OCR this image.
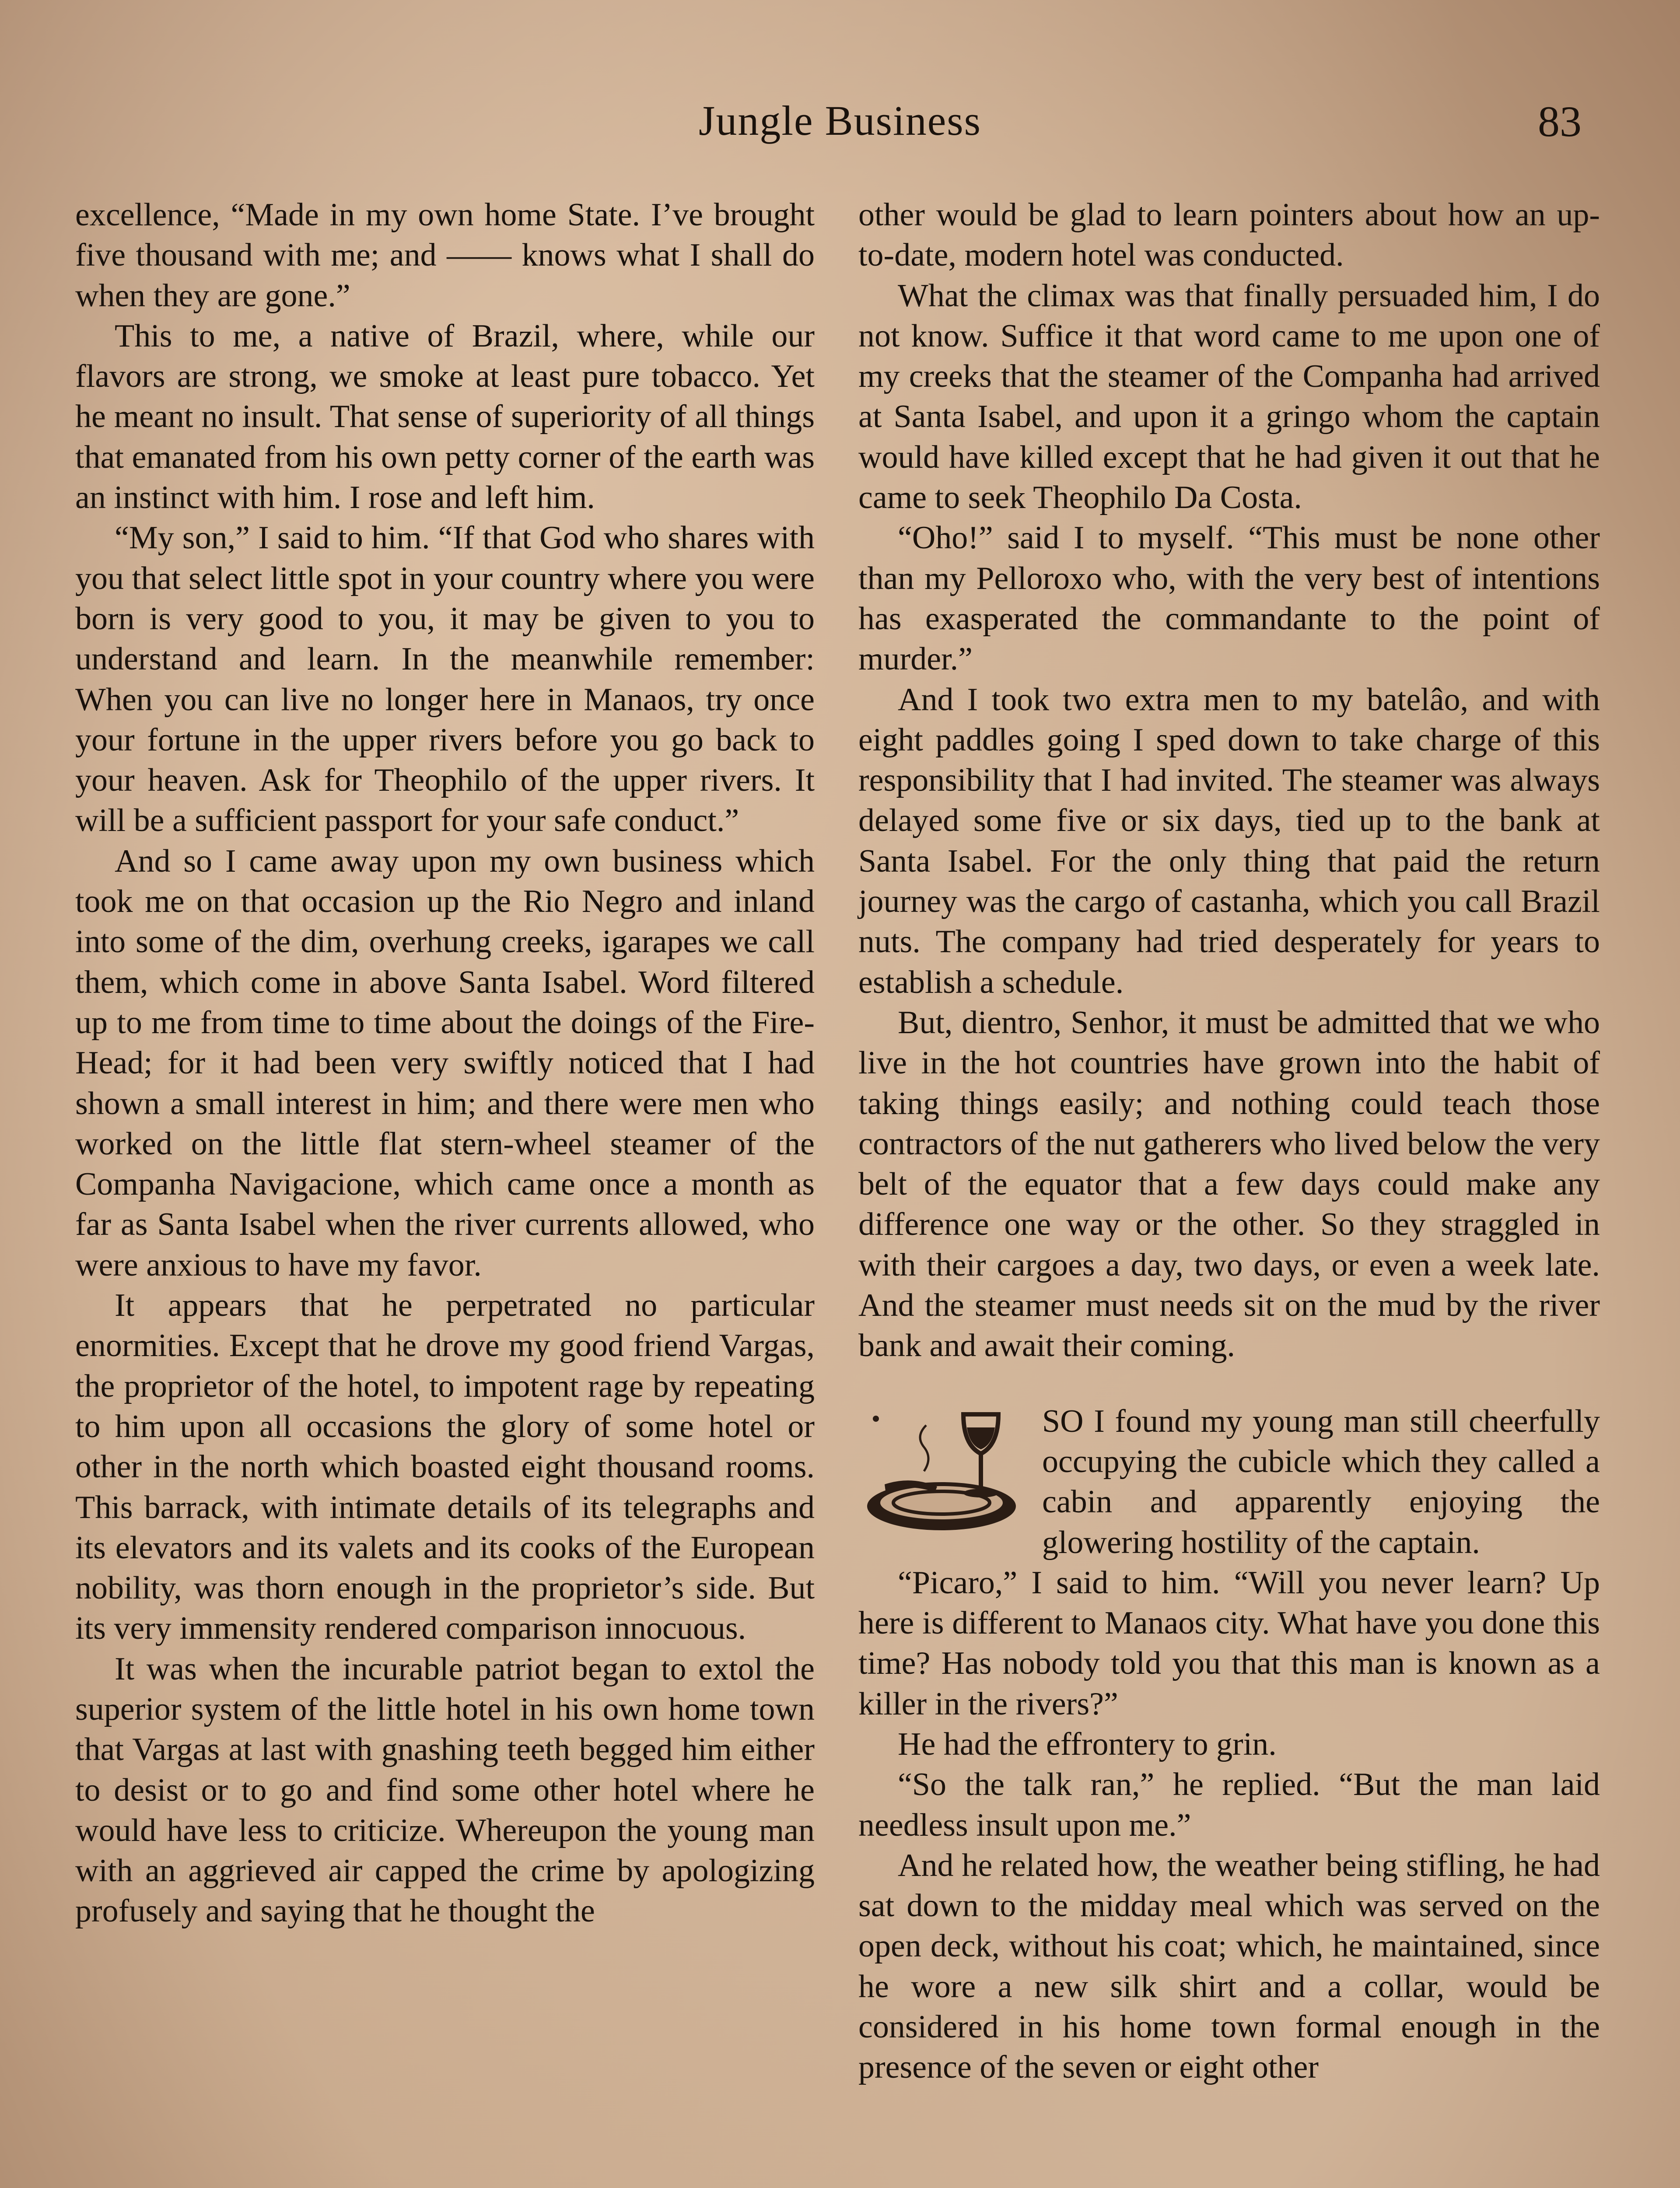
Jungle Business	83

excellence, “Made in my own home State. I’ve brought five thousand with me; and —— knows what I shall do when they are gone.”

This to me, a native of Brazil, where, while our flavors are strong, we smoke at least pure tobacco. Yet he meant no insult. That sense of superiority of all things that emanated from his own petty corner of the earth was an instinct with him. I rose and left him.

“My son,” I said to him. “If that God who shares with you that select little spot in your country where you were born is very good to you, it may be given to you to understand and learn. In the meanwhile remember: When you can live no longer here in Manaos, try once your fortune in the upper rivers before you go back to your heaven. Ask for Theophilo of the upper rivers. It will be a sufficient passport for your safe conduct.”

And so I came away upon my own business which took me on that occasion up the Rio Negro and inland into some of the dim, overhung creeks, igarapes we call them, which come in above Santa Isabel. Word filtered up to me from time to time about the doings of the Fire-Head; for it had been very swiftly noticed that I had shown a small interest in him; and there were men who worked on the little flat stern-wheel steamer of the Companha Navigacione, which came once a month as far as Santa Isabel when the river currents allowed, who were anxious to have my favor.

It appears that he perpetrated no particular enormities. Except that he drove my good friend Vargas, the proprietor of the hotel, to impotent rage by repeating to him upon all occasions the glory of some hotel or other in the north which boasted eight thousand rooms. This barrack, with intimate details of its telegraphs and its elevators and its valets and its cooks of the European nobility, was thorn enough in the proprietor’s side. But its very immensity rendered comparison innocuous.

It was when the incurable patriot began to extol the superior system of the little hotel in his own home town that Vargas at last with gnashing teeth begged him either to desist or to go and find some other hotel where he would have less to criticize. Whereupon the young man with an aggrieved air capped the crime by apologizing profusely and saying that he thought the

other would be glad to learn pointers about how an up-to-date, modern hotel was conducted.

What the climax was that finally persuaded him, I do not know. Suffice it that word came to me upon one of my creeks that the steamer of the Companha had arrived at Santa Isabel, and upon it a gringo whom the captain would have killed except that he had given it out that he came to seek Theophilo Da Costa.

“Oho!” said I to myself. “This must be none other than my Pelloroxo who, with the very best of intentions has exasperated the commandante to the point of murder.”

And I took two extra men to my batelâo, and with eight paddles going I sped down to take charge of this responsibility that I had invited. The steamer was always delayed some five or six days, tied up to the bank at Santa Isabel. For the only thing that paid the return journey was the cargo of castanha, which you call Brazil nuts. The company had tried desperately for years to establish a schedule.

But, dientro, Senhor, it must be admitted that we who live in the hot countries have grown into the habit of taking things easily; and nothing could teach those contractors of the nut gatherers who lived below the very belt of the equator that a few days could make any difference one way or the other. So they straggled in with their cargoes a day, two days, or even a week late. And the steamer must needs sit on the mud by the river bank and await their coming.

SO I found my young man still cheerfully occupying the cubicle which they called a cabin and apparently enjoying the glowering hostility of the captain.

“Picaro,” I said to him. “Will you never learn? Up here is different to Manaos city. What have you done this time? Has nobody told you that this man is known as a killer in the rivers?”

He had the effrontery to grin.

“So the talk ran,” he replied. “But the man laid needless insult upon me.”

And he related how, the weather being stifling, he had sat down to the midday meal which was served on the open deck, without his coat; which, he maintained, since he wore a new silk shirt and a collar, would be considered in his home town formal enough in the presence of the seven or eight other
